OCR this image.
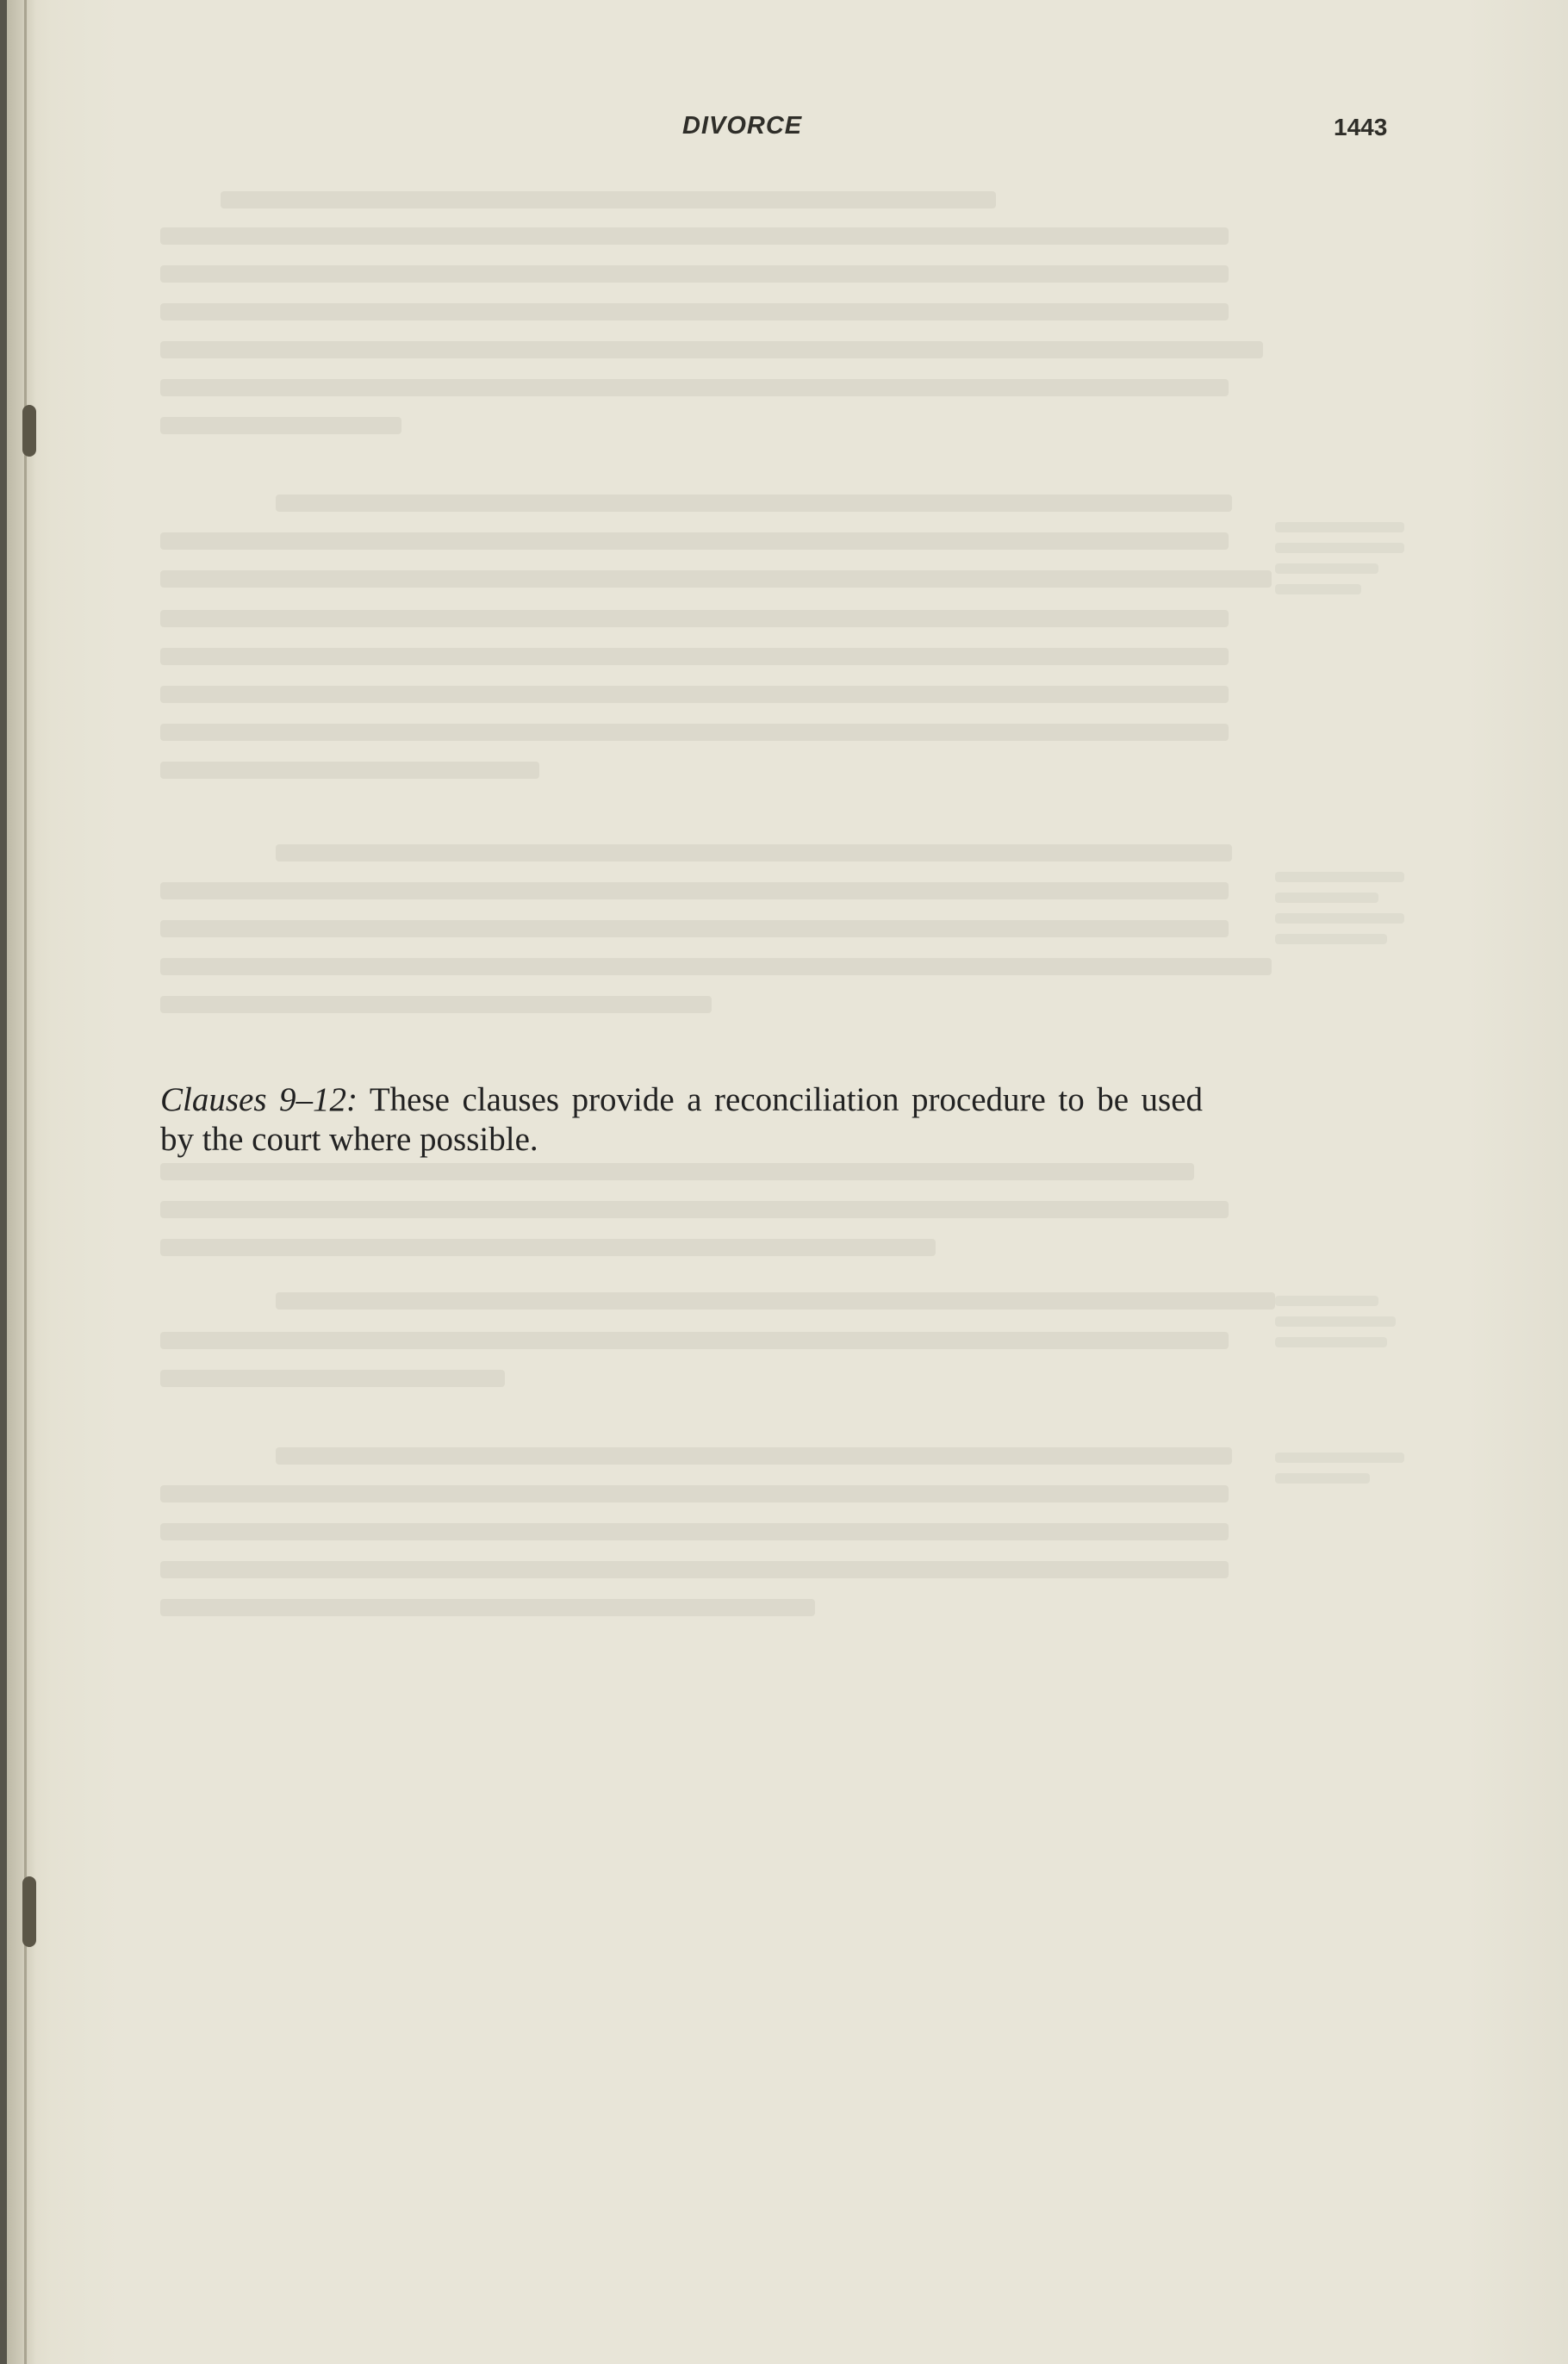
DIVORCE	1443

Clauses 9–12: These clauses provide a reconciliation procedure to be used by the court where possible.
